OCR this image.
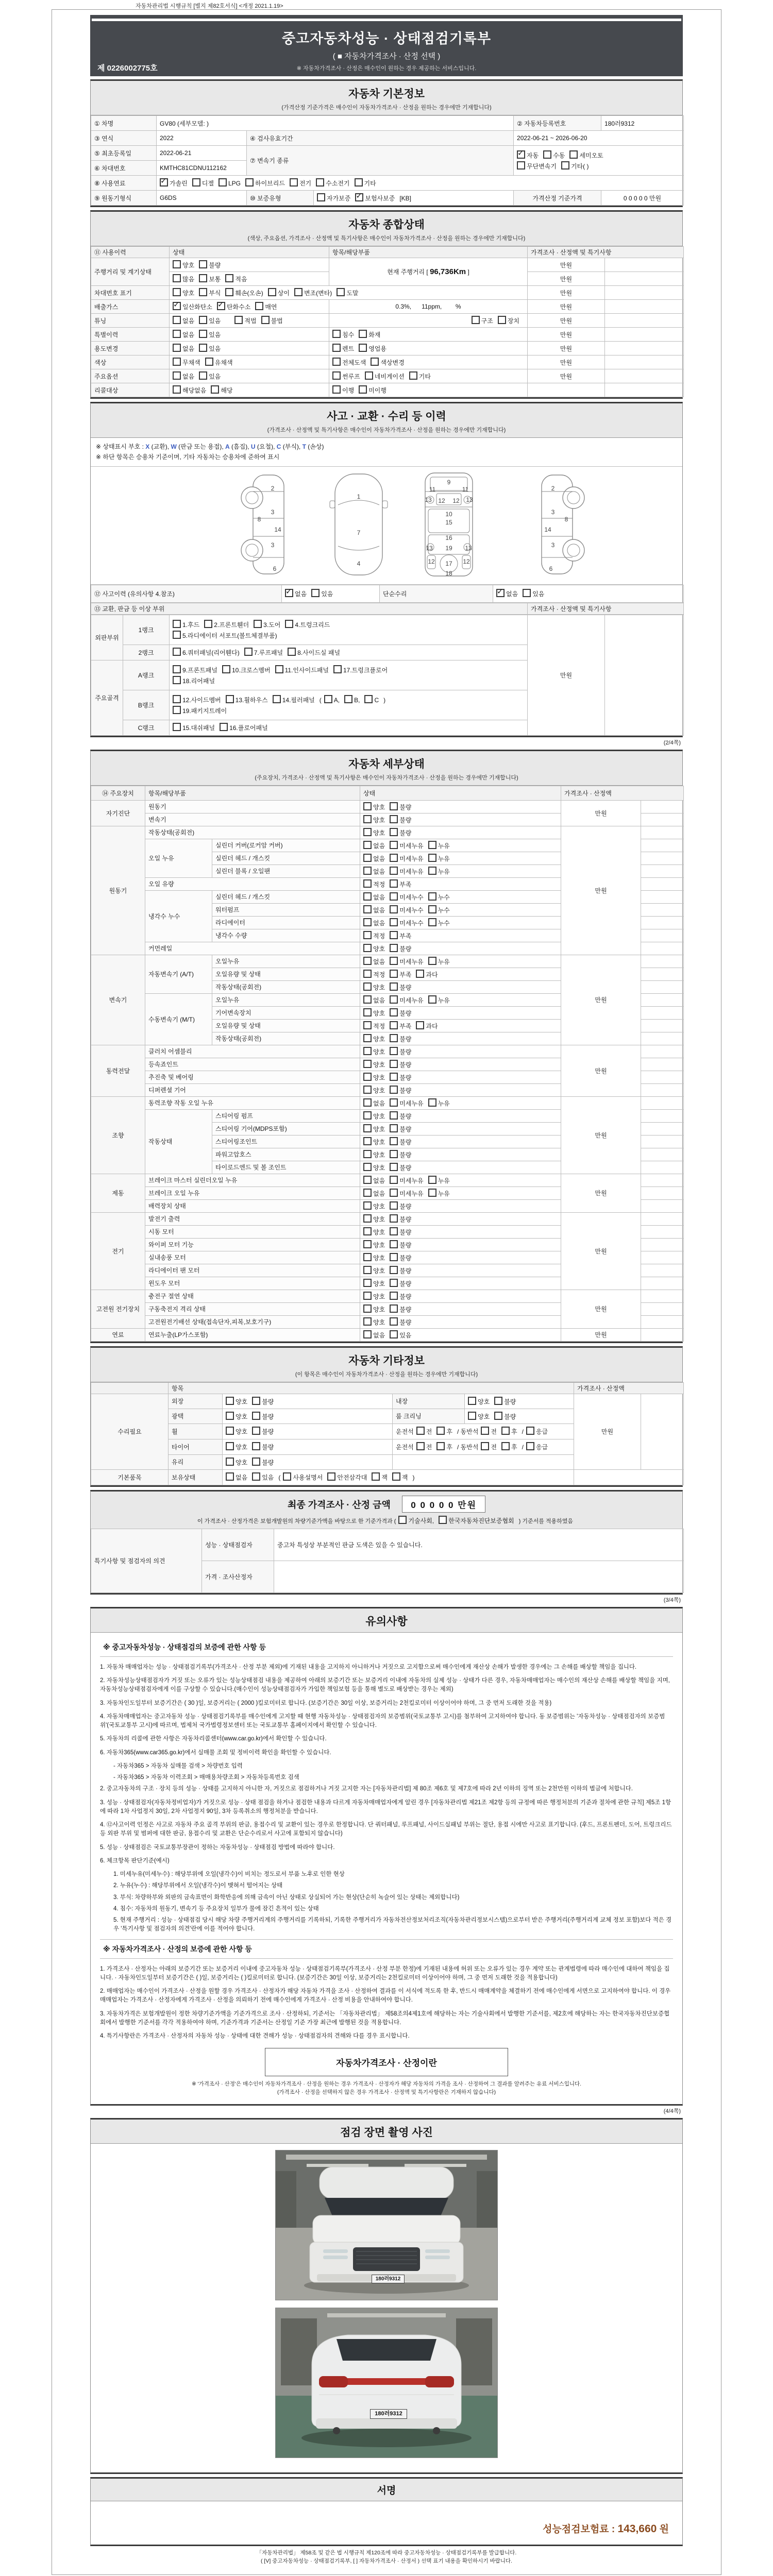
자동차관리법 시행규칙 [별지 제82호서식] <개정 2021.1.19>
중고자동차성능 · 상태점검기록부
( ■ 자동차가격조사 · 산정 선택 )
※ 자동차가격조사 · 산정은 매수인이 원하는 경우 제공하는 서비스입니다.
제 0226002775호
자동차 기본정보
(가격산정 기준가격은 매수인이 자동차가격조사 · 산정을 원하는 경우에만 기재합니다)
① 차명	GV80 (세부모델: )			② 자동차등록번호	180러9312
③ 연식	2022	④ 검사유효기간		2022-06-21 ~ 2026-06-20	
⑤ 최초등록일	2022-06-21	⑦ 변속기 종류	
✓자동 수동 세미오토
무단변속기 기타( )

⑥ 차대번호	KMTHC81CDNU112162				
⑧ 사용연료	✓가솔린 디젤 LPG 하이브리드 전기 수소전기 기타
⑨ 원동기형식	G6DS	⑩ 보증유형	자가보증 ✓ 보험사보증 [KB]	가격산정 기준가격	0 0 0 0 0 만원
자동차 종합상태
(색상, 주요옵션, 가격조사 · 산정액 및 특기사항은 매수인이 자동차가격조사 · 산정을 원하는 경우에만 기재합니다)
⑪ 사용이력	상태	항목/해당부품	가격조사 · 산정액 및 특기사항	
주행거리 및 계기상태	양호 불량	현재 주행거리 [ 96,736Km ]	만원	
	많음 보통 적음		만원	
차대번호 표기	양호 부식 훼손(오손) 상이 변조(변타) 도말		만원	
배출가스	✓일산화탄소 ✓ 탄화수소 매연	0.3%,      11ppm,        %	만원	
튜닝	없음 있음 적법 불법	구조 장치	만원	
특별이력	없음 있음	침수 화재	만원	
용도변경	없음 있음	렌트 영업용	만원	
색상	무채색 유채색	전체도색 색상변경	만원	
주요옵션	없음 있음	썬루프 네비게이션 기타	만원	
리콜대상	해당없음 해당	이행 미이행		
사고 · 교환 · 수리 등 이력
(가격조사 · 산정액 및 특기사항은 매수인이 자동차가격조사 · 산정을 원하는 경우에만 기재합니다)
※ 상태표시 부호 : X (교환), W (판금 또는 용접), A (흠집), U (요철), C (부식), T (손상)
※ 하단 항목은 승용차 기준이며, 기타 자동차는 승용차에 준하여 표시
2
8
3
14
3
6
2
8
3
14
3
6
1
7
4
9
11	11
13	13
12 12
10
15
16
19
13	13
12	12
17
18
⑫ 사고이력 (유의사항 4.참조)	✓없음 있음	단순수리	✓없음 있음
⑬ 교환, 판금 등 이상 부위	가격조사 · 산정액 및 특기사항
외판부위	1랭크	1.후드 2.프론트휀더 3.도어 4.트렁크리드
5.라디에이터 서포트(볼트체결부품)	만원	
	2랭크	6.쿼터패널(리어휀다) 7.루프패널 8.사이드실 패널		
주요골격	A랭크	9.프론트패널 10.크로스멤버 11.인사이드패널 17.트렁크플로어
18.리어패널		

	B랭크	12.사이드멤버 13.휠하우스 14.필러패널 ( A, B, C )
19.패키지트레이		

	C랭크	15.대쉬패널 16.플로어패널		
(2/4쪽)
자동차 세부상태
(주요장치, 가격조사 · 산정액 및 특기사항은 매수인이 자동차가격조사 · 산정을 원하는 경우에만 기재합니다)
⑭ 주요장치	항목/해당부품		상태	가격조사 · 산정액	
자기진단	원동기		양호 불량	만원	
	변속기		양호 불량		
원동기	작동상태(공회전)		양호 불량	만원	
	오일 누유	실린더 커버(로커암 커버)	없음 미세누유 누유		
		실린더 헤드 / 개스킷	없음 미세누유 누유		
		실린더 블록 / 오일팬	없음 미세누유 누유		
	오일 유량		적정 부족		
	냉각수 누수	실린더 헤드 / 개스킷	없음 미세누수 누수		
		워터펌프	없음 미세누수 누수		
		라디에이터	없음 미세누수 누수		
		냉각수 수량	적정 부족		
	커먼레일		양호 불량		
변속기	자동변속기 (A/T)	오일누유	없음 미세누유 누유	만원	
		오일유량 및 상태	적정 부족 과다		
		작동상태(공회전)	양호 불량		
	수동변속기 (M/T)	오일누유	없음 미세누유 누유		
		기어변속장치	양호 불량		
		오일유량 및 상태	적정 부족 과다		
		작동상태(공회전)	양호 불량		
동력전달	클러치 어셈블리		양호 불량	만원	
	등속죠인트		양호 불량		
	추진축 및 베어링		양호 불량		
	디퍼렌셜 기어		양호 불량		
조향	동력조향 작동 오일 누유		없음 미세누유 누유	만원	
	작동상태	스티어링 펌프	양호 불량		
		스티어링 기어(MDPS포함)	양호 불량		
		스티어링조인트	양호 불량		
		파워고압호스	양호 불량		
		타이로드엔드 및 볼 조인트	양호 불량		
제동	브레이크 마스터 실린더오일 누유		없음 미세누유 누유	만원	
	브레이크 오일 누유		없음 미세누유 누유		
	배력장치 상태		양호 불량		
전기	발전기 출력		양호 불량	만원	
	시동 모터		양호 불량		
	와이퍼 모터 기능		양호 불량		
	실내송풍 모터		양호 불량		
	라디에이터 팬 모터		양호 불량		
	윈도우 모터		양호 불량		
고전원 전기장치	충전구 절연 상태		양호 불량	만원	
	구동축전지 격리 상태		양호 불량		
	고전원전기배선 상태(접속단자,피복,보호기구)		양호 불량		
연료	연료누출(LP가스포함)		없음 있음	만원	
자동차 기타정보
(이 항목은 매수인이 자동차가격조사 · 산정을 원하는 경우에만 기재합니다)
	항목				가격조사 · 산정액	
수리필요	외장	양호 불량	내장	양호 불량	만원	
	광택	양호 불량	룸 크리닝	양호 불량		
	휠	양호 불량	운전석 전 후 / 동반석 전 후 / 응급			
	타이어	양호 불량	운전석 전 후 / 동반석 전 후 / 응급			
	유리	양호 불량				
기본품목	보유상태	없음 있음 ( 사용설명서 안전삼각대 잭 잭 )				
최종 가격조사 · 산정 금액 0 0 0 0 0 만원
이 가격조사 · 산정가격은 보험개발원의 차량기준가액을 바탕으로 한 기준가격과 ( 기술사회, 한국자동차진단보증협회 ) 기준서를 적용하였음
특기사항 및 점검자의 의견	성능 · 상태점검자	중고차 특성상 부분적인 판금 도색은 있을 수 있습니다.
	가격 · 조사산정자	
(3/4쪽)
유의사항
※ 중고자동차성능 · 상태점검의 보증에 관한 사항 등

1. 자동차 매매업자는 성능 · 상태점검기록부(가격조사 · 산정 부분 제외)에 기재된 내용을 고지하지 아니하거나 거짓으로 고지함으로써 매수인에게 재산상 손해가 발생한 경우에는 그 손해를 배상할 책임을 집니다.

2. 자동차성능상태점검자가 거짓 또는 오류가 있는 성능상태점검 내용을 제공하여 아래의 보증기간 또는 보증거리 이내에 자동차의 실제 성능 · 상태가 다른 경우, 자동차매매업자는 매수인의 재산상 손해를 배상할 책임을 지며, 자동차성능상태점검자에게 이를 구상할 수 있습니다.(매수인이 성능상태점검자가 가입한 책임보험 등을 통해 별도로 배상받는 경우는 제외)

3. 자동차인도일부터 보증기간은 ( 30 )일, 보증거리는 ( 2000 )킬로미터로 합니다. (보증기간은 30일 이상, 보증거리는 2천킬로미터 이상이어야 하며, 그 중 먼저 도래한 것을 적용)

4. 자동차매매업자는 중고자동차 성능 · 상태점검기록부를 매수인에게 고지할 때 현행 자동차성능 · 상태점검자의 보증범위(국토교통부 고시)를 첨부하여 고지하여야 합니다. 동 보증범위는 '자동차성능 · 상태점검자의 보증범위'(국토교통부 고시)에 따르며, 법제처 국가법령정보센터 또는 국토교통부 홈페이지에서 확인할 수 있습니다.

5. 자동차의 리콜에 관한 사항은 자동차리콜센터(www.car.go.kr)에서 확인할 수 있습니다.

6. 자동차365(www.car365.go.kr)에서 실매물 조회 및 정비이력 확인을 확인할 수 있습니다.

- 자동차365 > 자동차 실매물 검색 > 차량번호 입력

- 자동차365 > 자동차 이력조회 > 매매용차량조회 > 자동차등록번호 검색

2. 중고자동차의 구조 · 장치 등의 성능 · 상태를 고지하지 아니한 자, 거짓으로 점검하거나 거짓 고지한 자는 [자동차관리법] 제 80조 제6호 및 제7호에 따라 2년 이하의 징역 또는 2천만원 이하의 벌금에 처합니다.

3. 성능 · 상태점검자(자동차정비업자)가 거짓으로 성능 · 상태 점검을 하거나 점검한 내용과 다르게 자동차매매업자에게 알린 경우 [자동차관리법 제21조 제2항 등의 규정에 따른 행정처분의 기준과 절차에 관한 규칙] 제5조 1항에 따라 1차 사업정지 30일, 2차 사업정지 90일, 3차 등록취소의 행정처분을 받습니다.

4. ⑫사고이력 인정은 사고로 자동차 주요 골격 부위의 판금, 용접수리 및 교환이 있는 경우로 한정합니다. 단 쿼터패널, 루프패널, 사이드실패널 부위는 절단, 용접 시에만 사고로 표기합니다. (후드, 프론트펜더, 도어, 트렁크리드 등 외판 부위 및 범퍼에 대한 판금, 용접수리 및 교환은 단순수리로서 사고에 포함되지 않습니다)

5. 성능 · 상태점검은 국토교통부장관이 정하는 자동차성능 · 상태점검 방법에 따라야 합니다.

6. 체크항목 판단기준(예시)

1. 미세누유(미세누수) : 해당부위에 오일(냉각수)이 비치는 정도로서 부품 노후로 인한 현상

2. 누유(누수) : 해당부위에서 오일(냉각수)이 맺혀서 떨어지는 상태

3. 부식: 차량하부와 외판의 금속표면이 화학반응에 의해 금속이 아닌 상태로 상실되어 가는 현상(단순히 녹슬어 있는 상태는 제외합니다)

4. 침수: 자동차의 원동기, 변속기 등 주요장치 일부가 물에 잠긴 흔적이 있는 상태

5. 현재 주행거리 : 성능 · 상태점검 당시 해당 차량 주행거리계의 주행거리를 기록하되, 기록한 주행거리가 자동차전산정보처리조직(자동차관리정보시스템)으로부터 받은 주행거리(주행거리계 교체 정보 포함)보다 적은 경우 '특기사항 및 점검자의 의견'란에 이를 적어야 합니다.

※ 자동차가격조사 · 산정의 보증에 관한 사항 등

1. 가격조사 · 산정자는 아래의 보증기간 또는 보증거리 이내에 중고자동차 성능 · 상태점검기록부(가격조사 · 산정 부분 한정)에 기재된 내용에 허위 또는 오류가 있는 경우 계약 또는 관계법령에 따라 매수인에 대하여 책임을 집니다. · 자동차인도일부터 보증기간은 ( )일, 보증거리는 ( )킬로미터로 합니다. (보증기간은 30일 이상, 보증거리는 2천킬로미터 이상이어야 하며, 그 중 먼저 도래한 것을 적용합니다)

2. 매매업자는 매수인이 가격조사 · 산정을 원할 경우 가격조사 · 산정자가 해당 자동차 가격을 조사 · 산정하여 결과를 이 서식에 적도록 한 후, 반드시 매매계약을 체결하기 전에 매수인에게 서면으로 고지하여야 합니다. 이 경우 매매업자는 가격조사 · 산정자에게 가격조사 · 산정을 의뢰하기 전에 매수인에게 가격조사 · 산정 비용을 안내하여야 합니다.

3. 자동차가격은 보험개발원이 정한 차량기준가액을 기준가격으로 조사 · 산정하되, 기준서는 「자동차관리법」 제58조의4제1호에 해당하는 자는 기술사회에서 발행한 기준서를, 제2호에 해당하는 자는 한국자동차진단보증협회에서 발행한 기준서를 각각 적용하여야 하며, 기준가격과 기준서는 산정일 기준 가장 최근에 발행된 것을 적용합니다.

4. 특기사항란은 가격조사 · 산정자의 자동차 성능 · 상태에 대한 견해가 성능 · 상태점검자의 견해와 다를 경우 표시합니다.

자동차가격조사 · 산정이란
※ '가격조사 · 산정'은 매수인이 자동차가격조사 · 산정을 원하는 경우 가격조사 · 산정자가 해당 자동차의 가격을 조사 · 산정하여 그 결과를 알려주는 유료 서비스입니다.
(가격조사 · 산정을 선택하지 않은 경우 가격조사 · 산정액 및 특기사항란은 기재하지 않습니다)
(4/4쪽)
점검 장면 촬영 사진
180러9312
180러9312
서명
성능점검보험료 : 143,660 원
「자동차관리법」 제58조 및 같은 법 시행규칙 제120조에 따라 중고자동차성능 · 상태점검기록부를 발급합니다.
( [V] 중고자동차성능 · 상태점검기록부, [ ] 자동차가격조사 · 산정서 ) 선택 표기 내용을 확인하시기 바랍니다.
